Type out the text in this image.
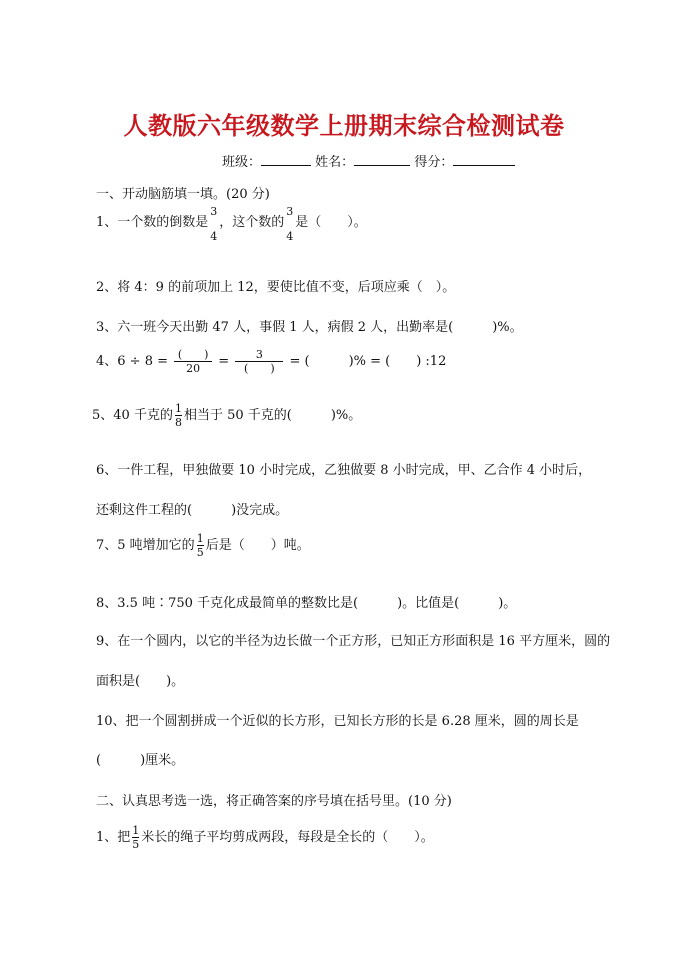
人教版六年级数学上册期末综合检测试卷
班级：	姓名：	得分：
一、开动脑筋填一填。(20 分)
1、一个数的倒数是
3
4
，这个数的
3
4
是（　　）。
2、将 4：9 的前项加上 12，要使比值不变，后项应乘（　）。
3、六一班今天出勤 47 人，事假 1 人，病假 2 人，出勤率是(　　　)%。
4、$6 \div 8 = \frac{( )}{20} = \frac{3}{( )}$ = (　　　)% = (　　) :12
5、40 千克的 $\frac{1}{8}$ 相当于 50 千克的(　　　)%。
6、一件工程，甲独做要 10 小时完成，乙独做要 8 小时完成，甲、乙合作 4 小时后，
还剩这件工程的(　　　)没完成。
7、5 吨增加它的 $\frac{1}{5}$ 后是（　　）吨。
8、3.5 吨∶750 千克化成最简单的整数比是(　　　)。比值是(　　　)。
9、在一个圆内，以它的半径为边长做一个正方形，已知正方形面积是 16 平方厘米，圆的
面积是(　　)。
10、把一个圆割拼成一个近似的长方形，已知长方形的长是 6.28 厘米，圆的周长是
(　　　)厘米。
二、认真思考选一选，将正确答案的序号填在括号里。(10 分)
1、把 $\frac{1}{5}$ 米长的绳子平均剪成两段，每段是全长的（　　）。
